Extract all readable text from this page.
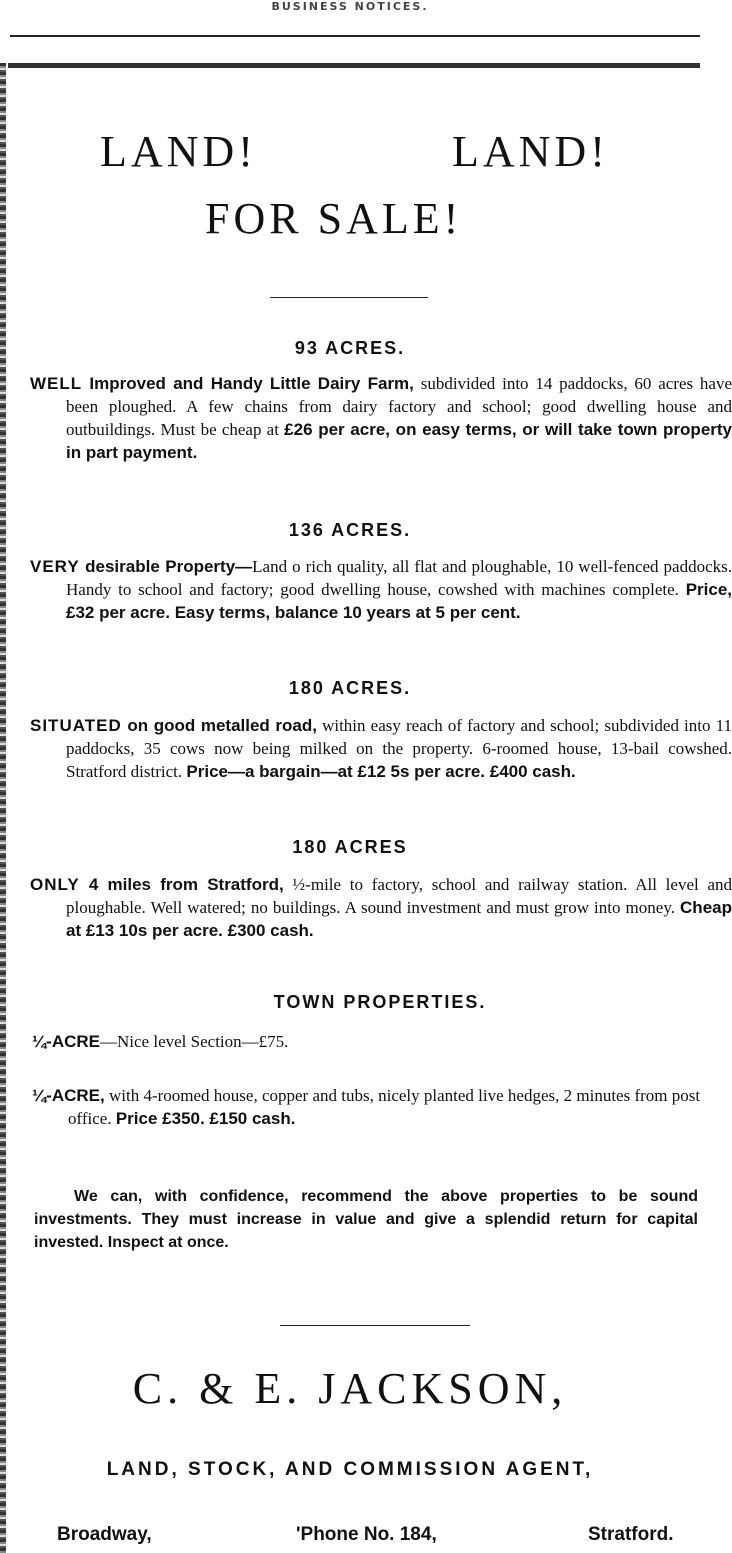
BUSINESS NOTICES.
LAND!	LAND!
FOR SALE!
93 ACRES.
WELL Improved and Handy Little Dairy Farm, subdivided into 14 paddocks, 60 acres have been ploughed. A few chains from dairy factory and school; good dwelling house and outbuildings. Must be cheap at £26 per acre, on easy terms, or will take town property in part payment.
136 ACRES.
VERY desirable Property—Land o rich quality, all flat and ploughable, 10 well-fenced paddocks. Handy to school and factory; good dwelling house, cowshed with machines complete. Price, £32 per acre. Easy terms, balance 10 years at 5 per cent.
180 ACRES.
SITUATED on good metalled road, within easy reach of factory and school; subdivided into 11 paddocks, 35 cows now being milked on the property. 6-roomed house, 13-bail cowshed. Stratford district. Price—a bargain—at £12 5s per acre. £400 cash.
180 ACRES
ONLY 4 miles from Stratford, ½-mile to factory, school and railway station. All level and ploughable. Well watered; no buildings. A sound investment and must grow into money. Cheap at £13 10s per acre. £300 cash.
TOWN PROPERTIES.
¼-ACRE—Nice level Section—£75.
¼-ACRE, with 4-roomed house, copper and tubs, nicely planted live hedges, 2 minutes from post office. Price £350. £150 cash.
We can, with confidence, recommend the above properties to be sound investments. They must increase in value and give a splendid return for capital invested. Inspect at once.
C. & E. JACKSON,
LAND, STOCK, AND COMMISSION AGENT,
Broadway,	'Phone No. 184,	Stratford.
